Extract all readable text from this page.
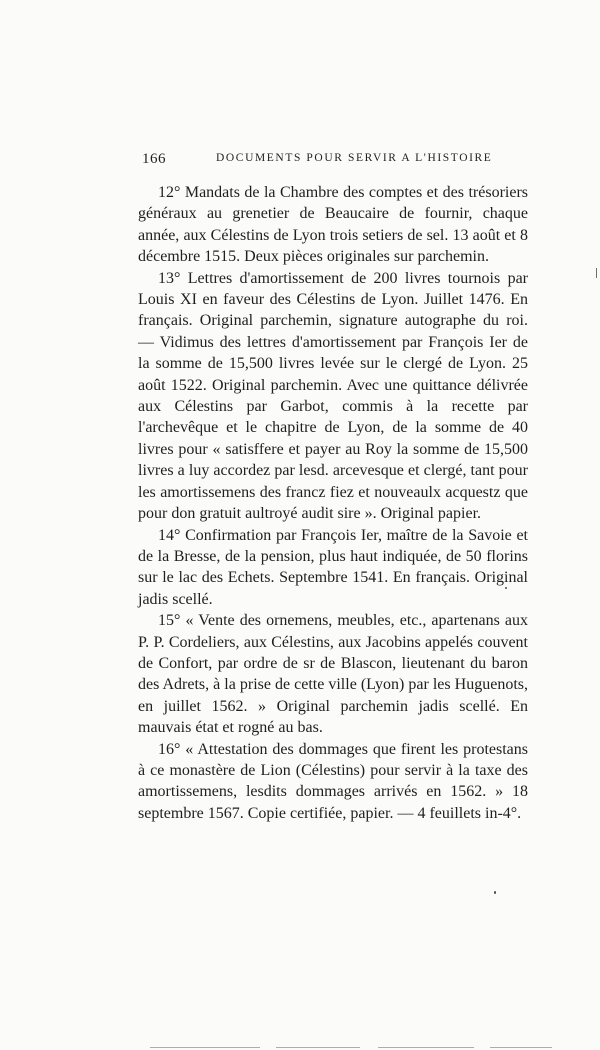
166	DOCUMENTS POUR SERVIR A L'HISTOIRE

12° Mandats de la Chambre des comptes et des trésoriers généraux au grenetier de Beaucaire de fournir, chaque année, aux Célestins de Lyon trois setiers de sel. 13 août et 8 décembre 1515. Deux pièces originales sur parchemin.

13° Lettres d'amortissement de 200 livres tournois par Louis XI en faveur des Célestins de Lyon. Juillet 1476. En français. Original parchemin, signature autographe du roi. — Vidimus des lettres d'amortissement par François Ier de la somme de 15,500 livres levée sur le clergé de Lyon. 25 août 1522. Original parchemin. Avec une quittance délivrée aux Célestins par Garbot, commis à la recette par l'archevêque et le chapitre de Lyon, de la somme de 40 livres pour « satisffere et payer au Roy la somme de 15,500 livres a luy accordez par lesd. arcevesque et clergé, tant pour les amortissemens des francz fiez et nouveaulx acquestz que pour don gratuit aultroyé audit sire ». Original papier.

14° Confirmation par François Ier, maître de la Savoie et de la Bresse, de la pension, plus haut indiquée, de 50 florins sur le lac des Echets. Septembre 1541. En français. Original jadis scellé.

15° « Vente des ornemens, meubles, etc., apartenans aux P. P. Cordeliers, aux Célestins, aux Jacobins appelés couvent de Confort, par ordre de sr de Blascon, lieutenant du baron des Adrets, à la prise de cette ville (Lyon) par les Huguenots, en juillet 1562. » Original parchemin jadis scellé. En mauvais état et rogné au bas.

16° « Attestation des dommages que firent les protestans à ce monastère de Lion (Célestins) pour servir à la taxe des amortissemens, lesdits dommages arrivés en 1562. » 18 septembre 1567. Copie certifiée, papier. — 4 feuillets in-4°.
